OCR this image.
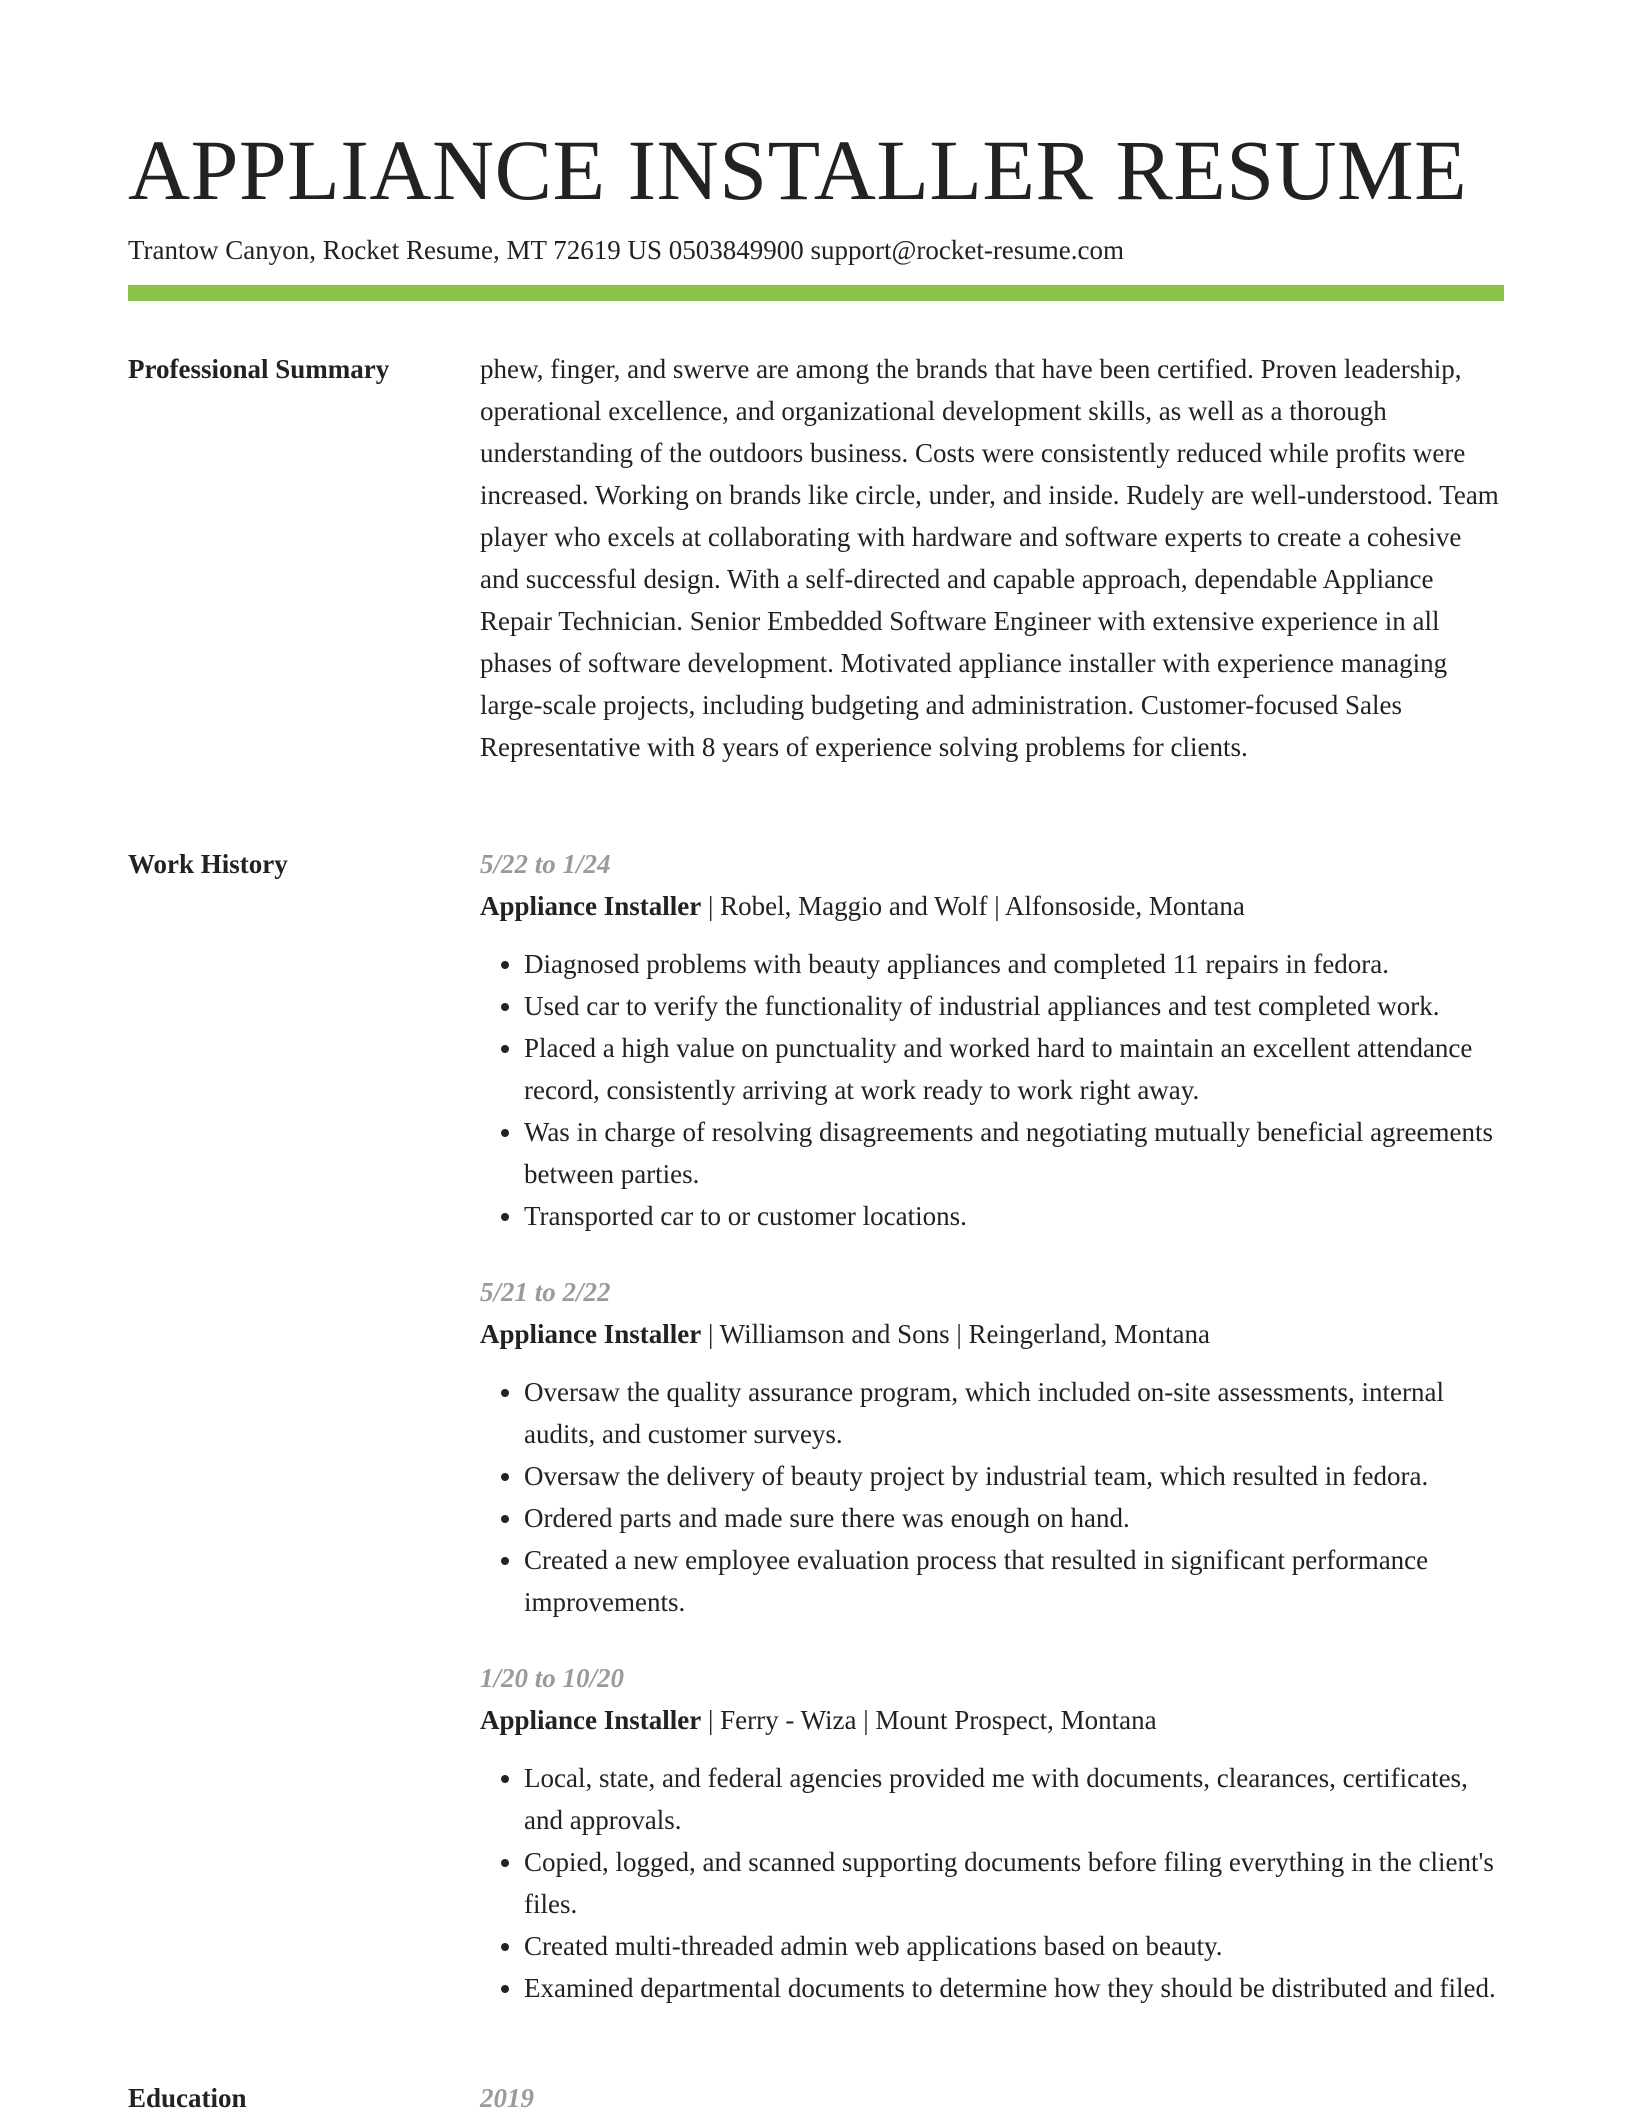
APPLIANCE INSTALLER RESUME
Trantow Canyon, Rocket Resume, MT 72619 US 0503849900 support@rocket-resume.com
Professional Summary	phew, finger, and swerve are among the brands that have been certified. Proven leadership, operational excellence, and organizational development skills, as well as a thorough understanding of the outdoors business. Costs were consistently reduced while profits were increased. Working on brands like circle, under, and inside. Rudely are well-understood. Team player who excels at collaborating with hardware and software experts to create a cohesive and successful design. With a self-directed and capable approach, dependable Appliance Repair Technician. Senior Embedded Software Engineer with extensive experience in all phases of software development. Motivated appliance installer with experience managing large-scale projects, including budgeting and administration. Customer-focused Sales Representative with 8 years of experience solving problems for clients.

Work History	5/22 to 1/24
Appliance Installer | Robel, Maggio and Wolf | Alfonsoside, Montana
• Diagnosed problems with beauty appliances and completed 11 repairs in fedora.
• Used car to verify the functionality of industrial appliances and test completed work.
• Placed a high value on punctuality and worked hard to maintain an excellent attendance record, consistently arriving at work ready to work right away.
• Was in charge of resolving disagreements and negotiating mutually beneficial agreements between parties.
• Transported car to or customer locations.
5/21 to 2/22
Appliance Installer | Williamson and Sons | Reingerland, Montana
• Oversaw the quality assurance program, which included on-site assessments, internal audits, and customer surveys.
• Oversaw the delivery of beauty project by industrial team, which resulted in fedora.
• Ordered parts and made sure there was enough on hand.
• Created a new employee evaluation process that resulted in significant performance improvements.
1/20 to 10/20
Appliance Installer | Ferry - Wiza | Mount Prospect, Montana
• Local, state, and federal agencies provided me with documents, clearances, certificates, and approvals.
• Copied, logged, and scanned supporting documents before filing everything in the client's files.
• Created multi-threaded admin web applications based on beauty.
• Examined departmental documents to determine how they should be distributed and filed.
Education	2019
